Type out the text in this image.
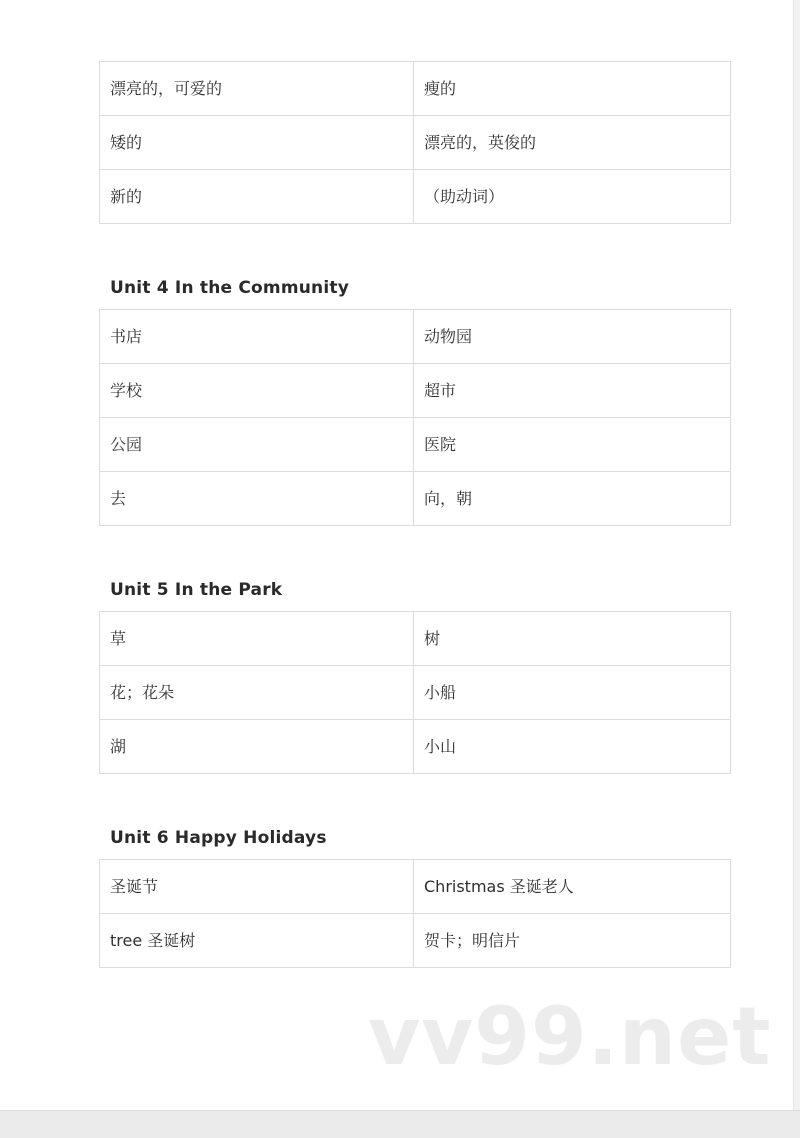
漂亮的，可爱的	瘦的
矮的	漂亮的，英俊的
新的	（助动词）
Unit 4 In the Community
书店	动物园
学校	超市
公园	医院
去	向，朝
Unit 5 In the Park
草	树
花；花朵	小船
湖	小山
Unit 6 Happy Holidays
圣诞节	Christmas 圣诞老人
tree 圣诞树	贺卡；明信片
vv99.net
